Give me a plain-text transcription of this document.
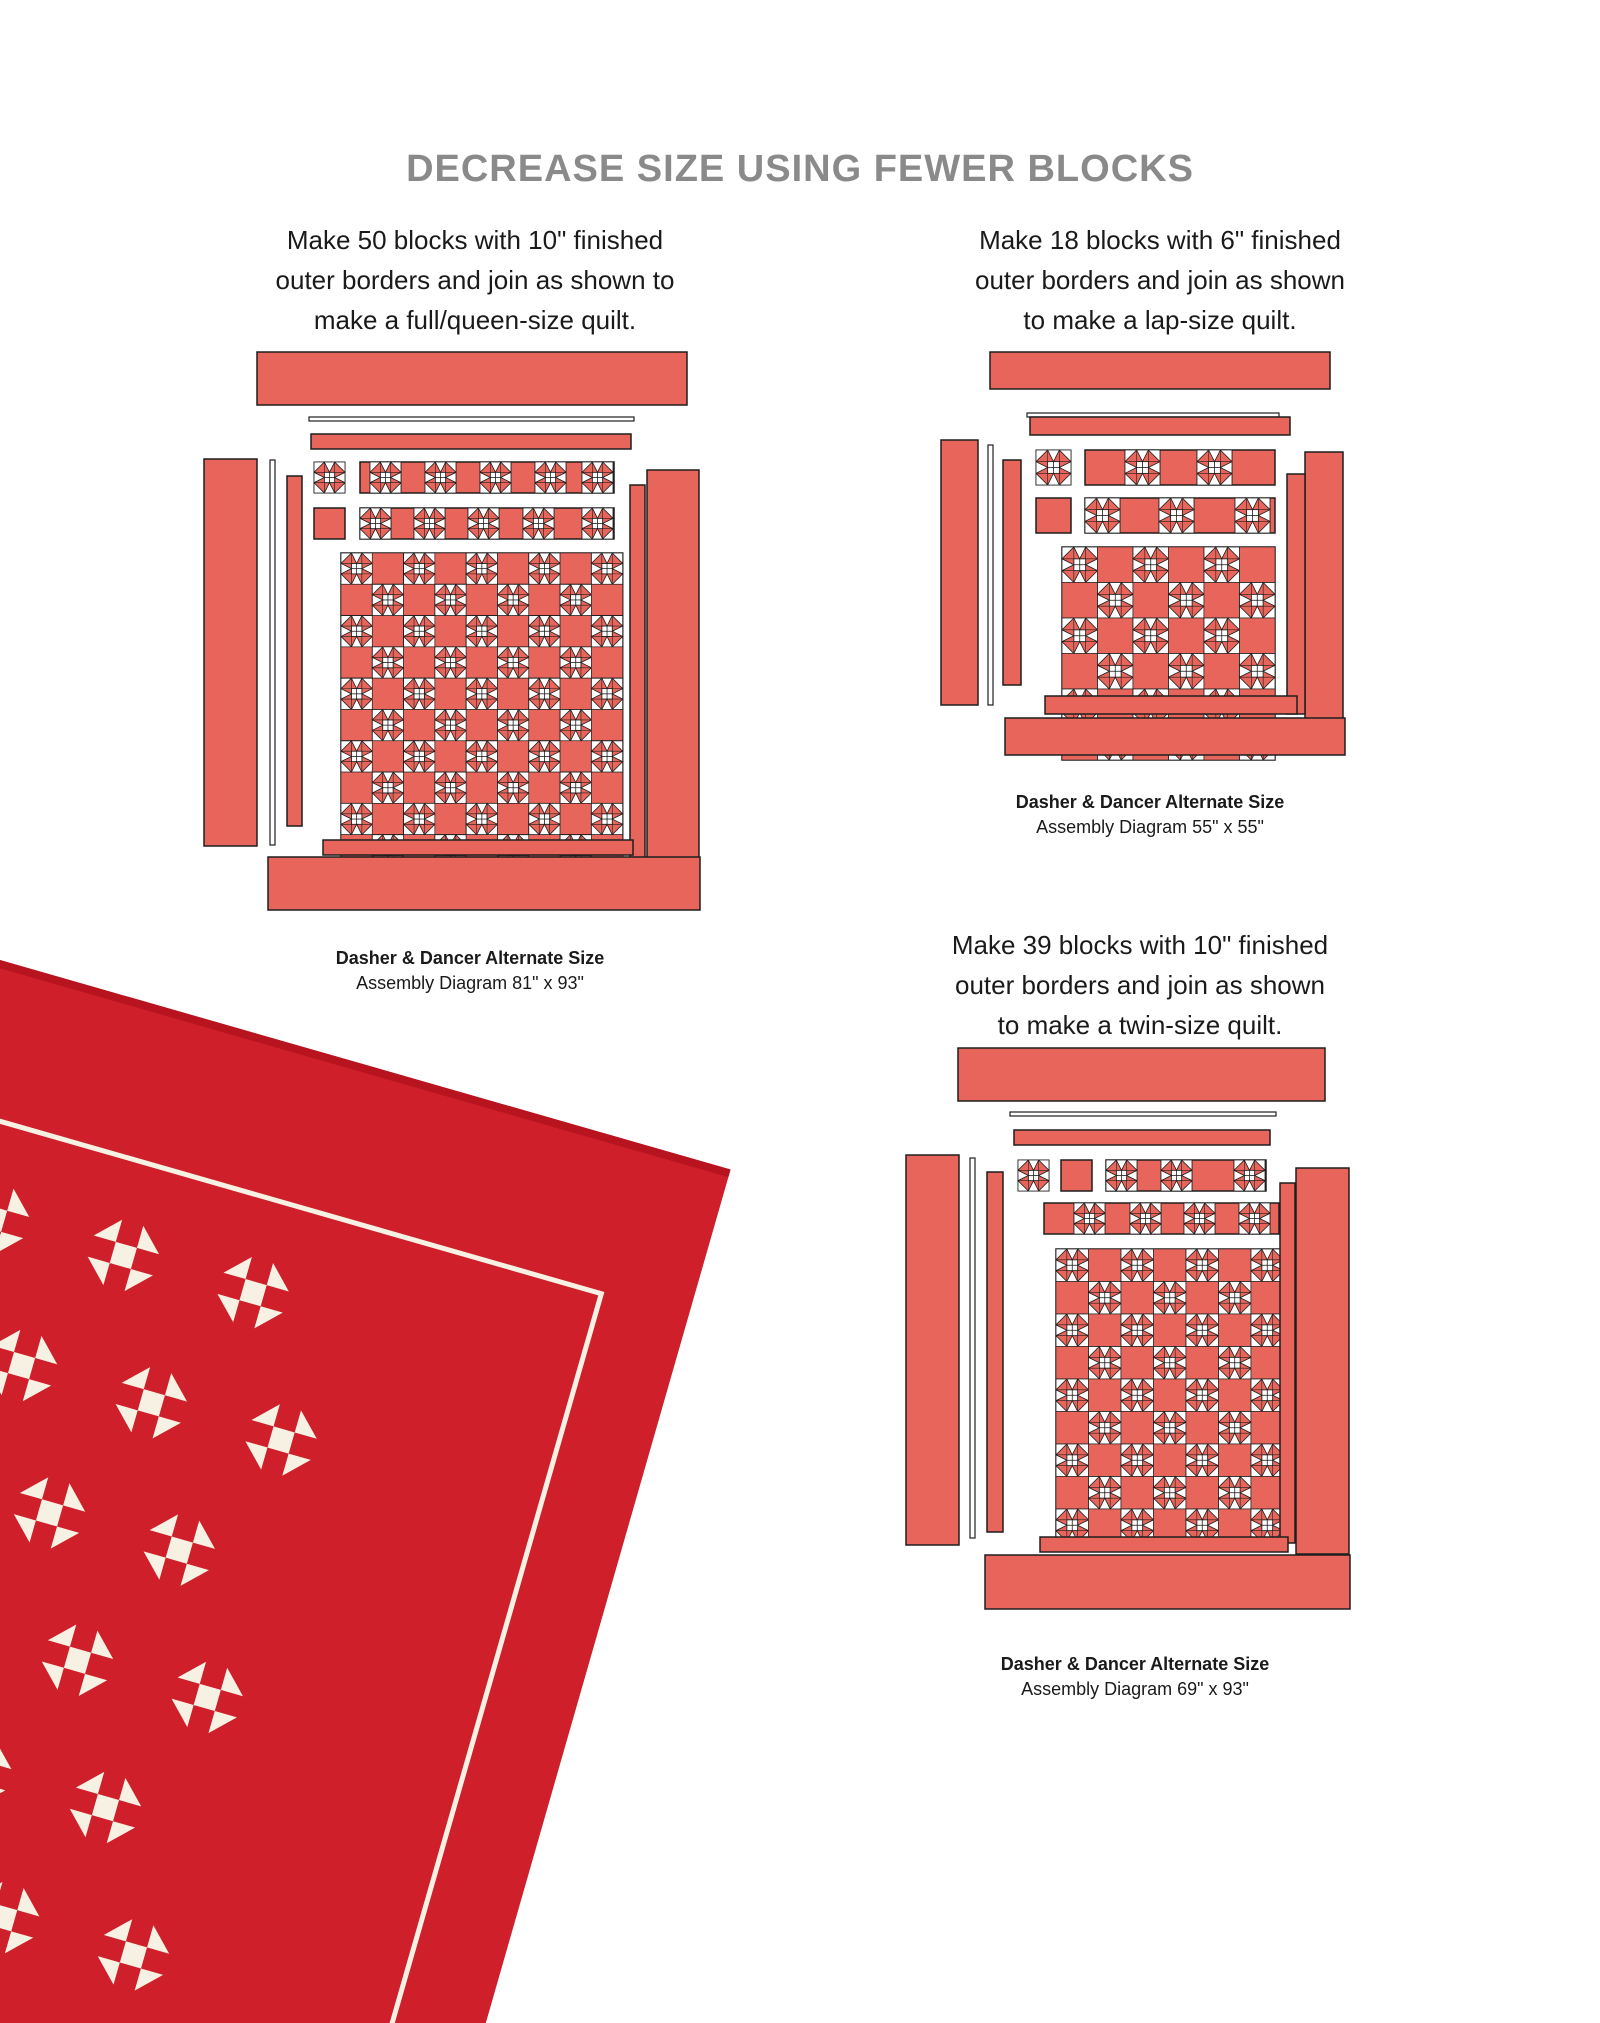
DECREASE SIZE USING FEWER BLOCKS
Make 50 blocks with 10" finished
outer borders and join as shown to
make a full/queen-size quilt.
Make 18 blocks with 6" finished
outer borders and join as shown
to make a lap-size quilt.
Make 39 blocks with 10" finished
outer borders and join as shown
to make a twin-size quilt.
Dasher & Dancer Alternate Size
Assembly Diagram 81" x 93"
Dasher & Dancer Alternate Size
Assembly Diagram 55" x 55"
Dasher & Dancer Alternate Size
Assembly Diagram 69" x 93"
